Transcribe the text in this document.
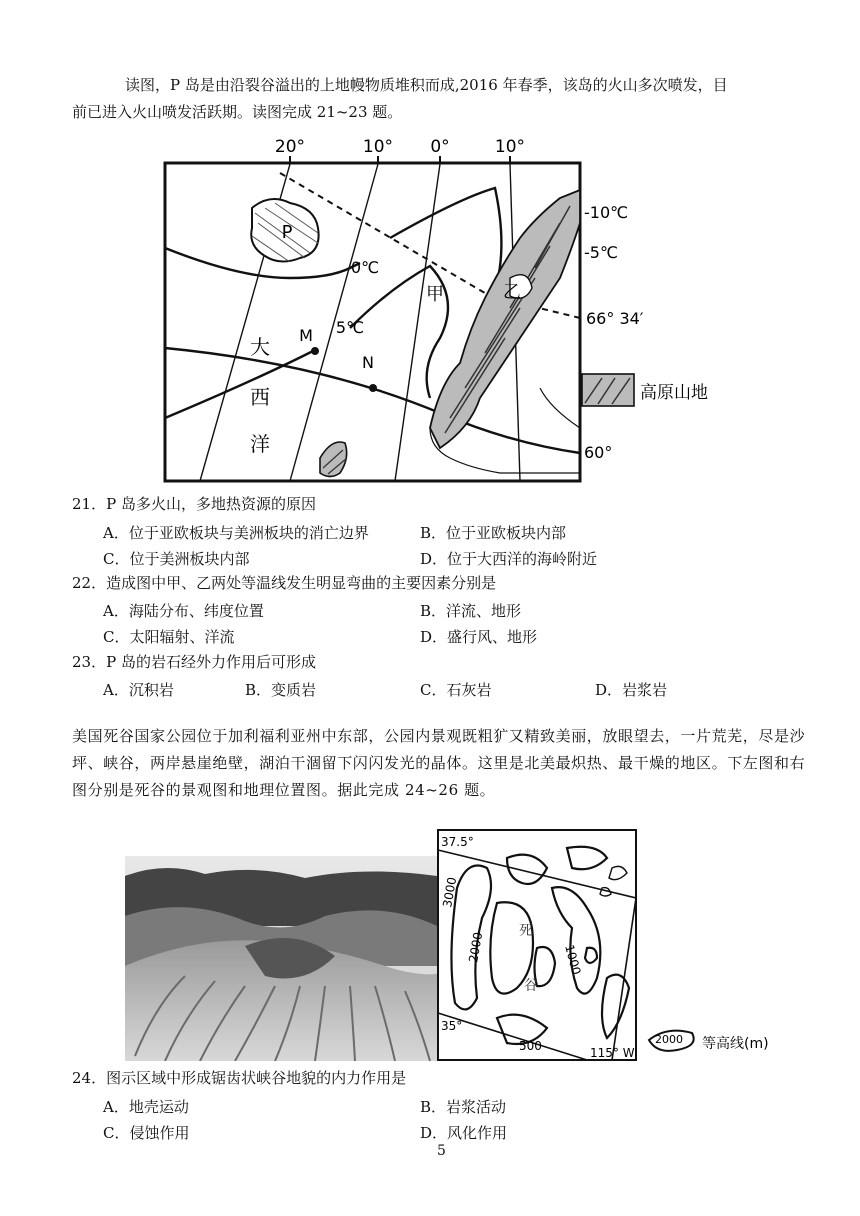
读图，P 岛是由沿裂谷溢出的上地幔物质堆积而成,2016 年春季，该岛的火山多次喷发，目
前已进入火山喷发活跃期。读图完成 21~23 题。
20°	10° 0°	10°
P
乙
甲
M
N
0℃
5℃
-10℃
-5℃
66° 34′
60°
大
西
洋
高原山地
21．P 岛多火山，多地热资源的原因
A．位于亚欧板块与美洲板块的消亡边界	B．位于亚欧板块内部
C．位于美洲板块内部	D．位于大西洋的海岭附近
22．造成图中甲、乙两处等温线发生明显弯曲的主要因素分别是
A．海陆分布、纬度位置	B．洋流、地形
C．太阳辐射、洋流	D．盛行风、地形
23．P 岛的岩石经外力作用后可形成
A．沉积岩	B．变质岩	C．石灰岩	D．岩浆岩
美国死谷国家公园位于加利福利亚州中东部，公园内景观既粗犷又精致美丽，放眼望去，一片荒芜，尽是沙坪、峡谷，两岸悬崖绝壁，湖泊干涸留下闪闪发光的晶体。这里是北美最炽热、最干燥的地区。下左图和右图分别是死谷的景观图和地理位置图。据此完成 24~26 题。
37.5°
35°
115° W
3000
2000	1000
500
死
谷
2000 等高线(m)
24．图示区域中形成锯齿状峡谷地貌的内力作用是
A．地壳运动	B．岩浆活动
C．侵蚀作用	D．风化作用
5
